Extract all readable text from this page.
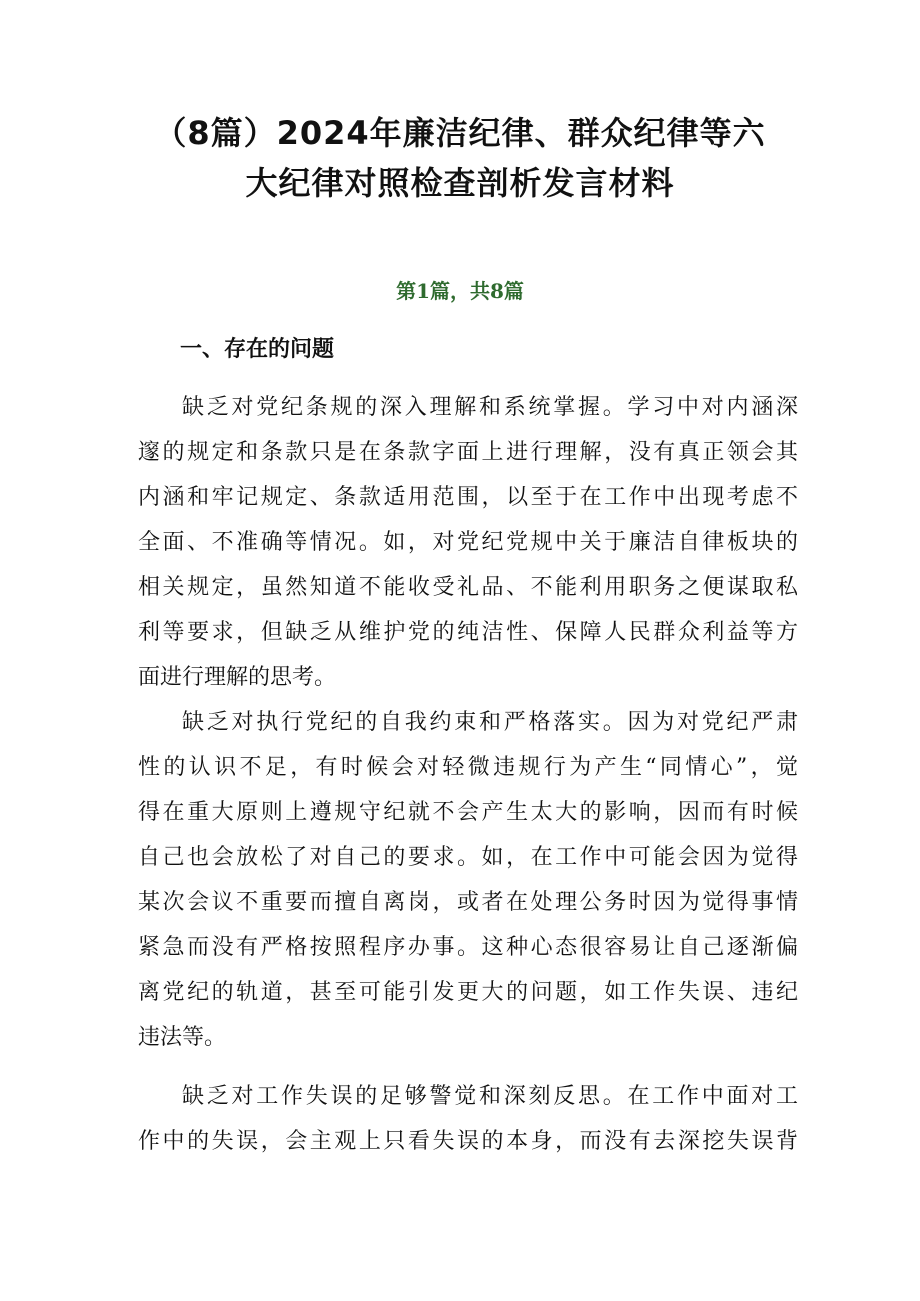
（8篇）2024年廉洁纪律、群众纪律等六
大纪律对照检查剖析发言材料
第1篇，共8篇
一、存在的问题

缺乏对党纪条规的深入理解和系统掌握。学习中对内涵深
邃的规定和条款只是在条款字面上进行理解，没有真正领会其
内涵和牢记规定、条款适用范围，以至于在工作中出现考虑不
全面、不准确等情况。如，对党纪党规中关于廉洁自律板块的
相关规定，虽然知道不能收受礼品、不能利用职务之便谋取私
利等要求，但缺乏从维护党的纯洁性、保障人民群众利益等方
面进行理解的思考。

缺乏对执行党纪的自我约束和严格落实。因为对党纪严肃
性的认识不足，有时候会对轻微违规行为产生“同情心”，觉
得在重大原则上遵规守纪就不会产生太大的影响，因而有时候
自己也会放松了对自己的要求。如，在工作中可能会因为觉得
某次会议不重要而擅自离岗，或者在处理公务时因为觉得事情
紧急而没有严格按照程序办事。这种心态很容易让自己逐渐偏
离党纪的轨道，甚至可能引发更大的问题，如工作失误、违纪
违法等。

缺乏对工作失误的足够警觉和深刻反思。在工作中面对工
作中的失误，会主观上只看失误的本身，而没有去深挖失误背
